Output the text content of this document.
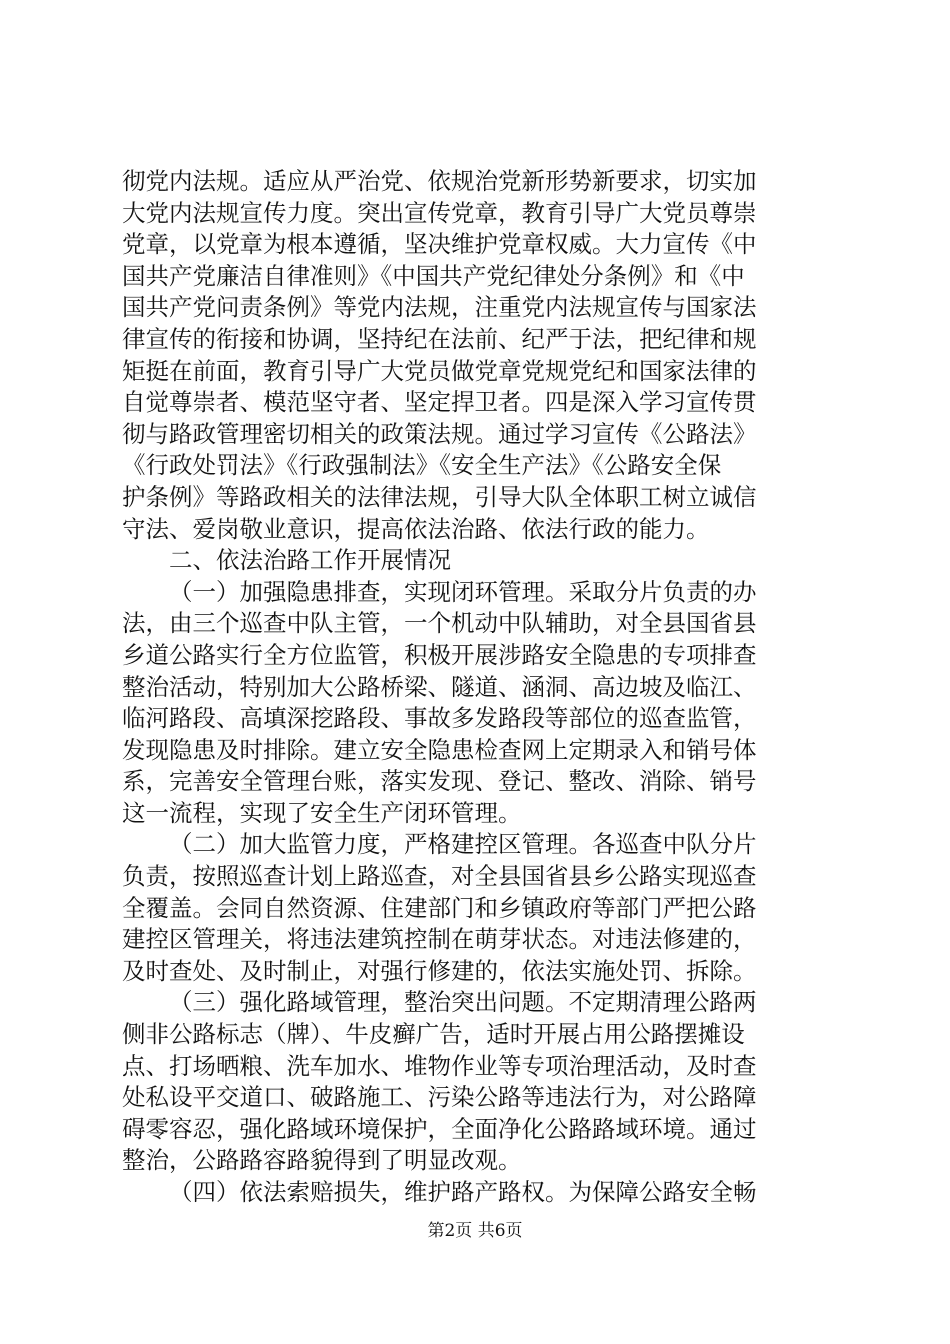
彻党内法规。适应从严治党、依规治党新形势新要求，切实加
大党内法规宣传力度。突出宣传党章，教育引导广大党员尊崇
党章，以党章为根本遵循，坚决维护党章权威。大力宣传《中
国共产党廉洁自律准则》《中国共产党纪律处分条例》和《中
国共产党问责条例》等党内法规，注重党内法规宣传与国家法
律宣传的衔接和协调，坚持纪在法前、纪严于法，把纪律和规
矩挺在前面，教育引导广大党员做党章党规党纪和国家法律的
自觉尊崇者、模范坚守者、坚定捍卫者。四是深入学习宣传贯
彻与路政管理密切相关的政策法规。通过学习宣传《公路法》
《行政处罚法》《行政强制法》《安全生产法》《公路安全保
护条例》等路政相关的法律法规，引导大队全体职工树立诚信
守法、爱岗敬业意识，提高依法治路、依法行政的能力。
二、依法治路工作开展情况
（一）加强隐患排查，实现闭环管理。采取分片负责的办
法，由三个巡查中队主管，一个机动中队辅助，对全县国省县
乡道公路实行全方位监管，积极开展涉路安全隐患的专项排查
整治活动，特别加大公路桥梁、隧道、涵洞、高边坡及临江、
临河路段、高填深挖路段、事故多发路段等部位的巡查监管，
发现隐患及时排除。建立安全隐患检查网上定期录入和销号体
系，完善安全管理台账，落实发现、登记、整改、消除、销号
这一流程，实现了安全生产闭环管理。
（二）加大监管力度，严格建控区管理。各巡查中队分片
负责，按照巡查计划上路巡查，对全县国省县乡公路实现巡查
全覆盖。会同自然资源、住建部门和乡镇政府等部门严把公路
建控区管理关，将违法建筑控制在萌芽状态。对违法修建的，
及时查处、及时制止，对强行修建的，依法实施处罚、拆除。
（三）强化路域管理，整治突出问题。不定期清理公路两
侧非公路标志（牌）、牛皮癣广告，适时开展占用公路摆摊设
点、打场晒粮、洗车加水、堆物作业等专项治理活动，及时查
处私设平交道口、破路施工、污染公路等违法行为，对公路障
碍零容忍，强化路域环境保护，全面净化公路路域环境。通过
整治，公路路容路貌得到了明显改观。
（四）依法索赔损失，维护路产路权。为保障公路安全畅
第2页 共6页
